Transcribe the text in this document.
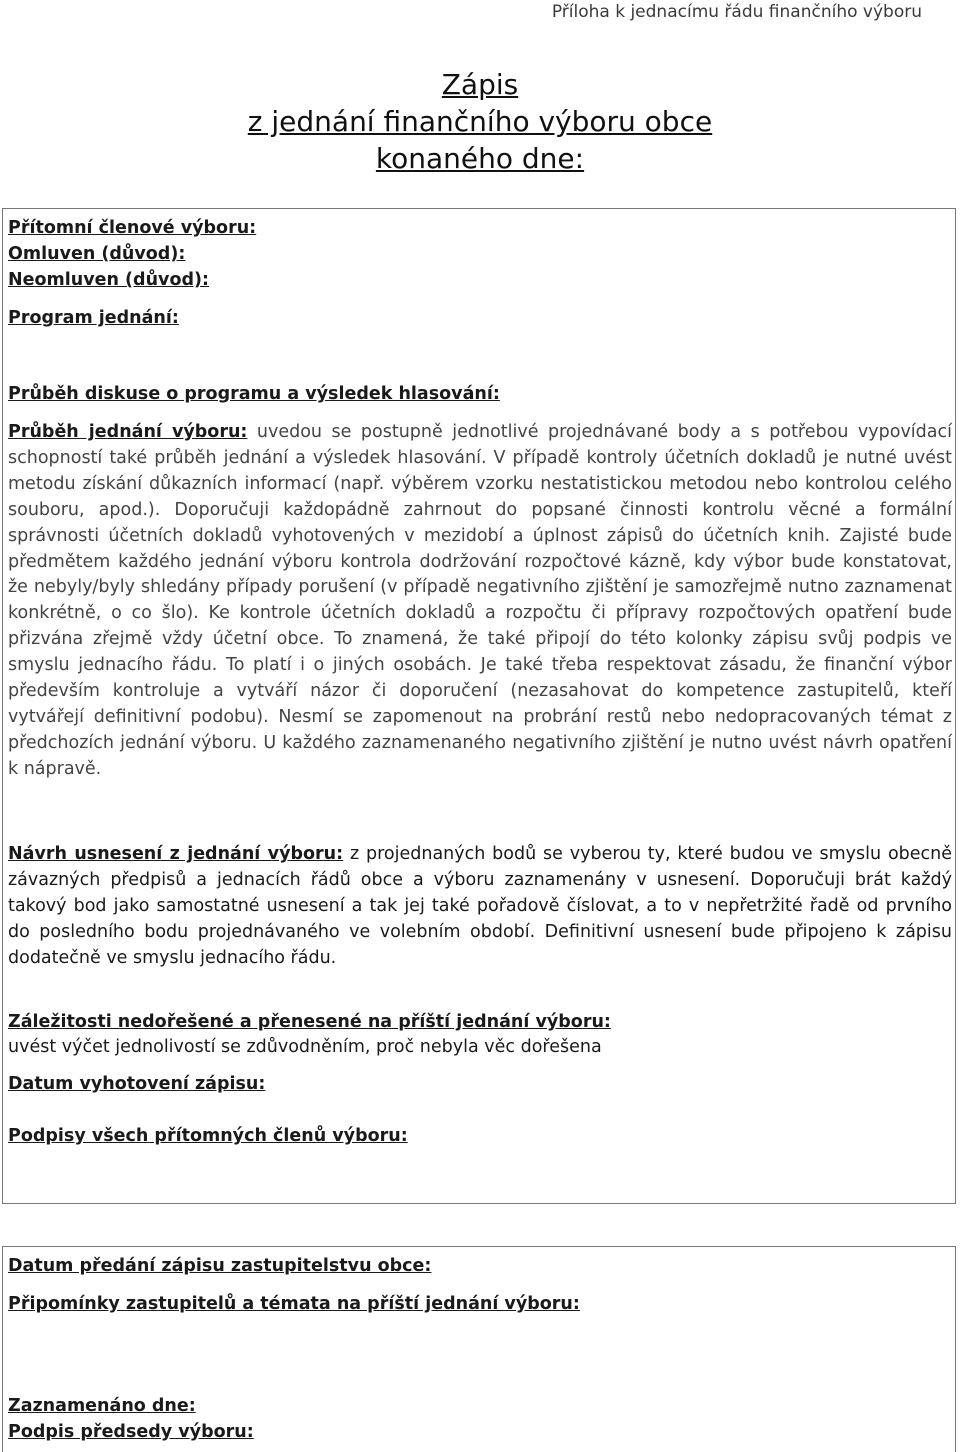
Příloha k jednacímu řádu finančního výboru
Zápis
z jednání finančního výboru obce
konaného dne:
Přítomní členové výboru:
Omluven (důvod):
Neomluven (důvod):
Program jednání:
Průběh diskuse o programu a výsledek hlasování:
Průběh jednání výboru: uvedou se postupně jednotlivé projednávané body a s potřebou vypovídací schopností také průběh jednání a výsledek hlasování. V případě kontroly účetních dokladů je nutné uvést metodu získání důkazních informací (např. výběrem vzorku nestatistickou metodou nebo kontrolou celého souboru, apod.). Doporučuji každopádně zahrnout do popsané činnosti kontrolu věcné a formální správnosti účetních dokladů vyhotovených v mezidobí a úplnost zápisů do účetních knih. Zajisté bude předmětem každého jednání výboru kontrola dodržování rozpočtové kázně, kdy výbor bude konstatovat, že nebyly/byly shledány případy porušení (v případě negativního zjištění je samozřejmě nutno zaznamenat konkrétně, o co šlo). Ke kontrole účetních dokladů a rozpočtu či přípravy rozpočtových opatření bude přizvána zřejmě vždy účetní obce. To znamená, že také připojí do této kolonky zápisu svůj podpis ve smyslu jednacího řádu. To platí i o jiných osobách. Je také třeba respektovat zásadu, že finanční výbor především kontroluje a vytváří názor či doporučení (nezasahovat do kompetence zastupitelů, kteří vytvářejí definitivní podobu). Nesmí se zapomenout na probrání restů nebo nedopracovaných témat z předchozích jednání výboru. U každého zaznamenaného negativního zjištění je nutno uvést návrh opatření k nápravě.
Návrh usnesení z jednání výboru: z projednaných bodů se vyberou ty, které budou ve smyslu obecně závazných předpisů a jednacích řádů obce a výboru zaznamenány v usnesení. Doporučuji brát každý takový bod jako samostatné usnesení a tak jej také pořadově číslovat, a to v nepřetržité řadě od prvního do posledního bodu projednávaného ve volebním období. Definitivní usnesení bude připojeno k zápisu dodatečně ve smyslu jednacího řádu.
Záležitosti nedořešené a přenesené na příští jednání výboru:
uvést výčet jednolivostí se zdůvodněním, proč nebyla věc dořešena
Datum vyhotovení zápisu:
Podpisy všech přítomných členů výboru:
Datum předání zápisu zastupitelstvu obce:
Připomínky zastupitelů a témata na příští jednání výboru:
Zaznamenáno dne:
Podpis předsedy výboru:
